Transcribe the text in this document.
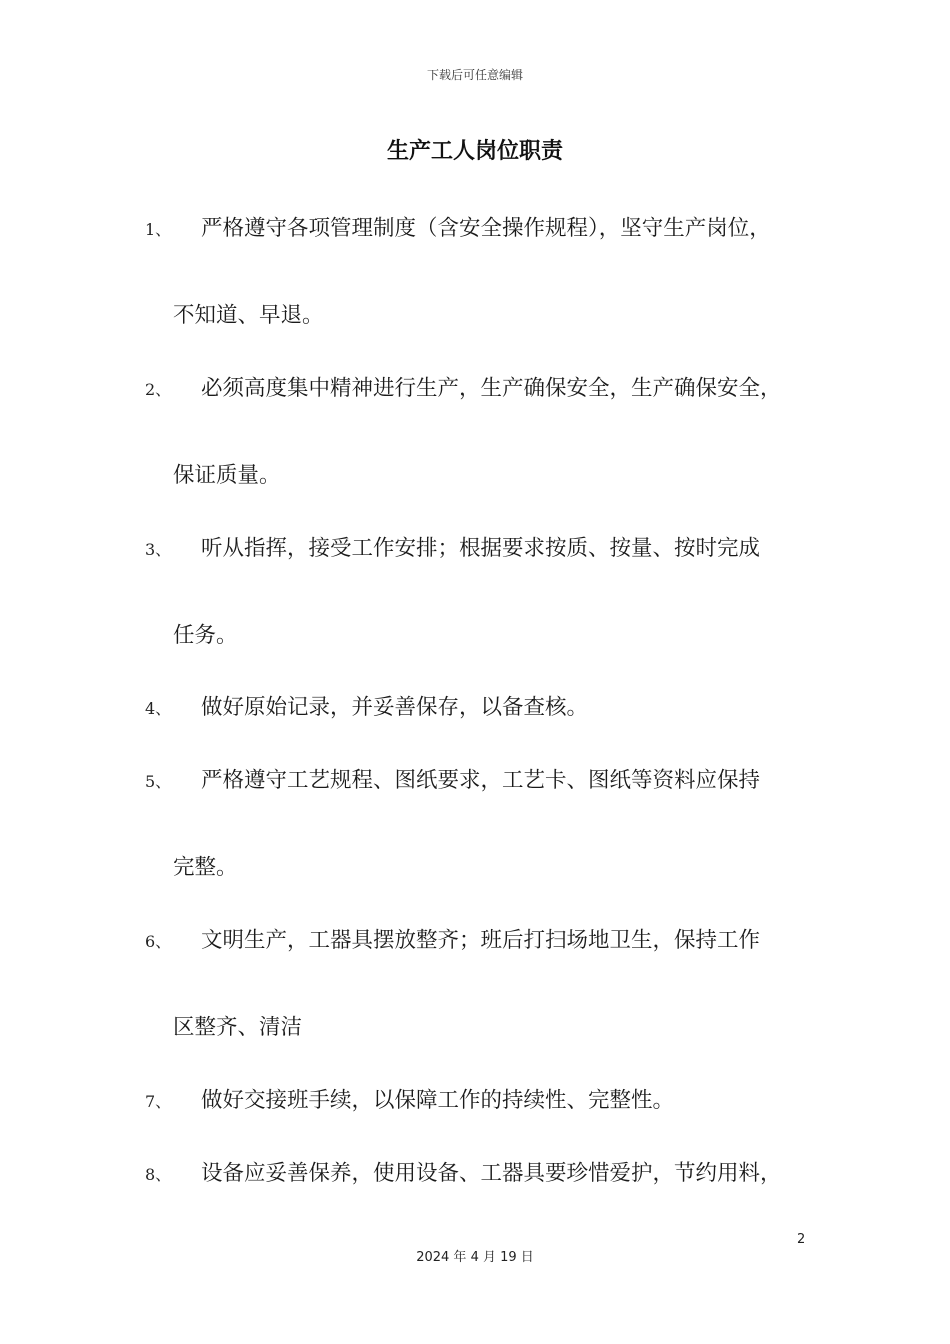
下载后可任意编辑
生产工人岗位职责
1、 严格遵守各项管理制度（含安全操作规程），坚守生产岗位，
不知道、早退。
2、 必须高度集中精神进行生产，生产确保安全，生产确保安全，
保证质量。
3、 听从指挥，接受工作安排；根据要求按质、按量、按时完成
任务。
4、 做好原始记录，并妥善保存，以备查核。
5、 严格遵守工艺规程、图纸要求，工艺卡、图纸等资料应保持
完整。
6、 文明生产，工器具摆放整齐；班后打扫场地卫生，保持工作
区整齐、清洁
7、 做好交接班手续，以保障工作的持续性、完整性。
8、 设备应妥善保养，使用设备、工器具要珍惜爱护，节约用料，
2
2024 年 4 月 19 日
